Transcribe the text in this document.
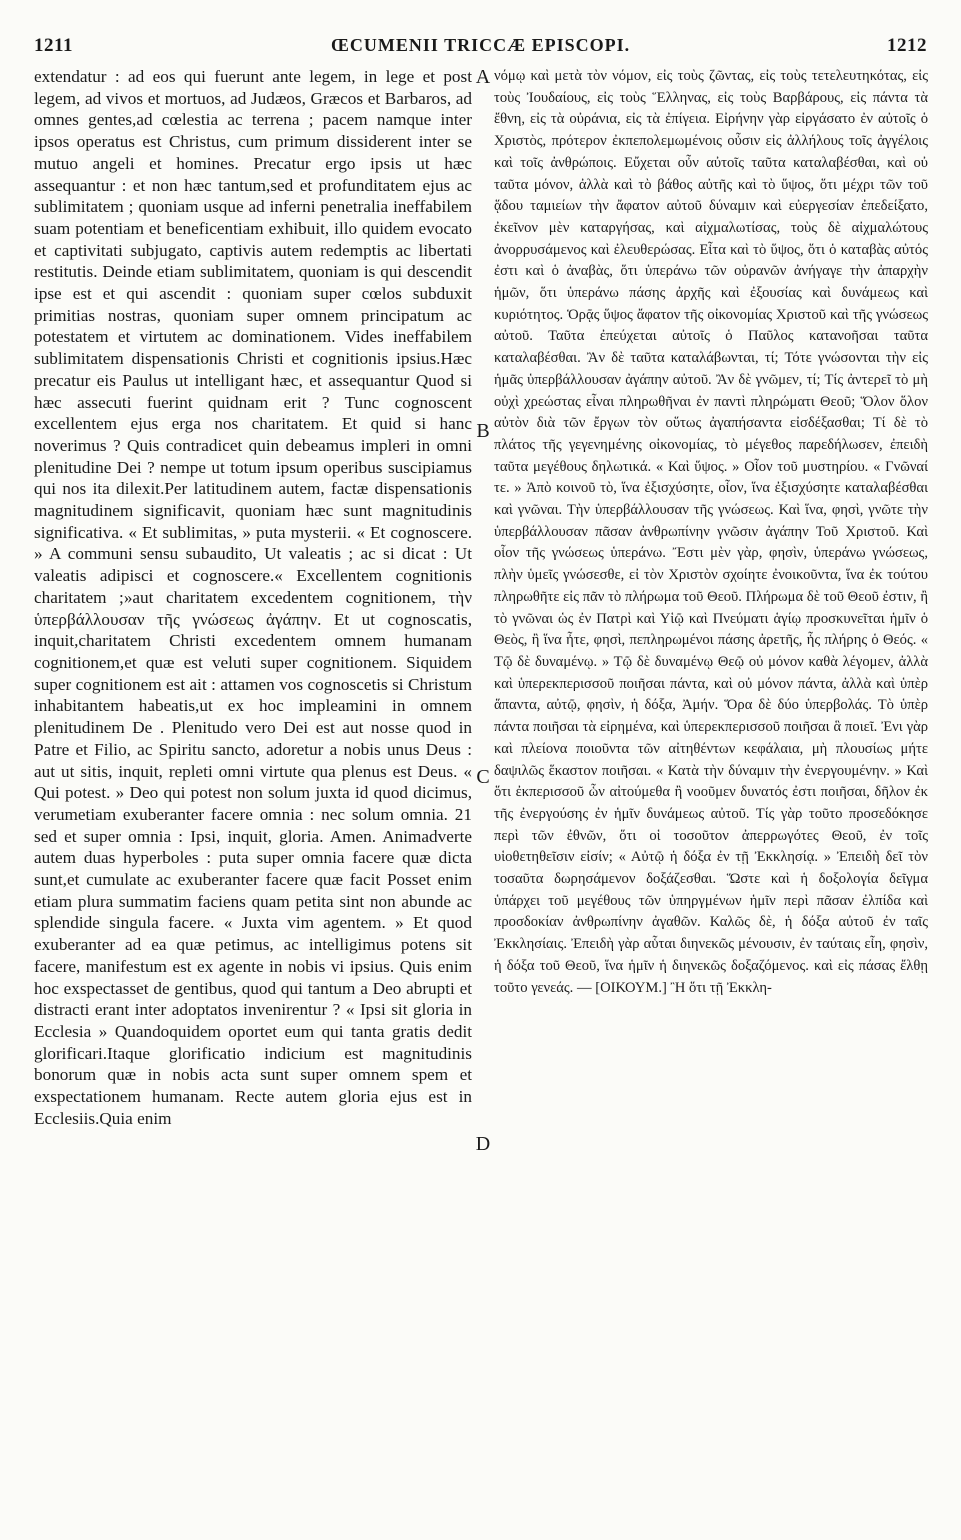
1211	ŒCUMENII TRICCÆ EPISCOPI.	1212

extendatur : ad eos qui fuerunt ante legem, in lege et post legem, ad vivos et mortuos, ad Judæos, Græcos et Barbaros, ad omnes gentes,ad cœlestia ac terrena ; pacem namque inter ipsos operatus est Christus, cum primum dissiderent inter se mutuo angeli et homines. Precatur ergo ipsis ut hæc assequantur : et non hæc tantum,sed et profunditatem ejus ac sublimitatem ; quoniam usque ad inferni penetralia ineffabilem suam potentiam et beneficentiam exhibuit, illo quidem evocato et captivitati subjugato, captivis autem redemptis ac libertati restitutis. Deinde etiam sublimitatem, quoniam is qui descendit ipse est et qui ascendit : quoniam super cœlos subduxit primitias nostras, quoniam super omnem principatum ac potestatem et virtutem ac dominationem. Vides ineffabilem sublimitatem dispensationis Christi et cognitionis ipsius.Hæc precatur eis Paulus ut intelligant hæc, et assequantur Quod si hæc assecuti fuerint quidnam erit ? Tunc cognoscent excellentem ejus erga nos charitatem. Et quid si hanc noverimus ? Quis contradicet quin debeamus impleri in omni plenitudine Dei ? nempe ut totum ipsum operibus suscipiamus qui nos ita dilexit.Per latitudinem autem, factæ dispensationis magnitudinem significavit, quoniam hæc sunt magnitudinis significativa. « Et sublimitas, » puta mysterii. « Et cognoscere. » A communi sensu subaudito, Ut valeatis ; ac si dicat : Ut valeatis adipisci et cognoscere.« Excellentem cognitionis charitatem ;»aut charitatem excedentem cognitionem, τὴν ὑπερβάλλουσαν τῆς γνώσεως ἀγάπην. Et ut cognoscatis, inquit,charitatem Christi excedentem omnem humanam cognitionem,et quæ est veluti super cognitionem. Siquidem super cognitionem est ait : attamen vos cognoscetis si Christum inhabitantem habeatis,ut ex hoc impleamini in omnem plenitudinem De . Plenitudo vero Dei est aut nosse quod in Patre et Filio, ac Spiritu sancto, adoretur a nobis unus Deus : aut ut sitis, inquit, repleti omni virtute qua plenus est Deus. « Qui potest. » Deo qui potest non solum juxta id quod dicimus, verumetiam exuberanter facere omnia : nec solum omnia. 21 sed et super omnia : Ipsi, inquit, gloria. Amen. Animadverte autem duas hyperboles : puta super omnia facere quæ dicta sunt,et cumulate ac exuberanter facere quæ facit Posset enim etiam plura summatim faciens quam petita sint non abunde ac splendide singula facere. « Juxta vim agentem. » Et quod exuberanter ad ea quæ petimus, ac intelligimus potens sit facere, manifestum est ex agente in nobis vi ipsius. Quis enim hoc exspectasset de gentibus, quod qui tantum a Deo abrupti et distracti erant inter adoptatos invenirentur ? « Ipsi sit gloria in Ecclesia » Quandoquidem oportet eum qui tanta gratis dedit glorificari.Itaque glorificatio indicium est magnitudinis bonorum quæ in nobis acta sunt super omnem spem et exspectationem humanam. Recte autem gloria ejus est in Ecclesiis.Quia enim

A
B
C
D

νόμῳ καὶ μετὰ τὸν νόμον, εἰς τοὺς ζῶντας, εἰς τοὺς τετελευτηκότας, εἰς τοὺς Ἰουδαίους, εἰς τοὺς Ἕλληνας, εἰς τοὺς Βαρβάρους, εἰς πάντα τὰ ἔθνη, εἰς τὰ οὐράνια, εἰς τὰ ἐπίγεια. Εἰρήνην γὰρ εἰργάσατο ἐν αὐτοῖς ὁ Χριστὸς, πρότερον ἐκπεπολεμωμένοις οὖσιν εἰς ἀλλήλους τοῖς ἀγγέλοις καὶ τοῖς ἀνθρώποις. Εὔχεται οὖν αὐτοῖς ταῦτα καταλαβέσθαι, καὶ οὐ ταῦτα μόνον, ἀλλὰ καὶ τὸ βάθος αὐτῆς καὶ τὸ ὕψος, ὅτι μέχρι τῶν τοῦ ᾅδου ταμιείων τὴν ἄφατον αὐτοῦ δύναμιν καὶ εὐεργεσίαν ἐπεδείξατο, ἐκεῖνον μὲν καταργήσας, καὶ αἰχμαλωτίσας, τοὺς δὲ αἰχμαλώτους ἀνορρυσάμενος καὶ ἐλευθερώσας. Εἶτα καὶ τὸ ὕψος, ὅτι ὁ καταβὰς αὐτός ἐστι καὶ ὁ ἀναβὰς, ὅτι ὑπεράνω τῶν οὐρανῶν ἀνήγαγε τὴν ἀπαρχὴν ἡμῶν, ὅτι ὑπεράνω πάσης ἀρχῆς καὶ ἐξουσίας καὶ δυνάμεως καὶ κυριότητος. Ὁρᾷς ὕψος ἄφατον τῆς οἰκονομίας Χριστοῦ καὶ τῆς γνώσεως αὐτοῦ. Ταῦτα ἐπεύχεται αὐτοῖς ὁ Παῦλος κατανοῆσαι ταῦτα καταλαβέσθαι. Ἂν δὲ ταῦτα καταλάβωνται, τί; Τότε γνώσονται τὴν εἰς ἡμᾶς ὑπερβάλλουσαν ἀγάπην αὐτοῦ. Ἂν δὲ γνῶμεν, τί; Τίς ἀντερεῖ τὸ μὴ οὐχὶ χρεώστας εἶναι πληρωθῆναι ἐν παντὶ πληρώματι Θεοῦ; Ὅλον ὅλον αὐτὸν διὰ τῶν ἔργων τὸν οὕτως ἀγαπήσαντα εἰσδέξασθαι; Τί δὲ τὸ πλάτος τῆς γεγενημένης οἰκονομίας, τὸ μέγεθος παρεδήλωσεν, ἐπειδὴ ταῦτα μεγέθους δηλωτικά. « Καὶ ὕψος. » Οἷον τοῦ μυστηρίου. « Γνῶναί τε. » Ἀπὸ κοινοῦ τὸ, ἵνα ἐξισχύσητε, οἷον, ἵνα ἐξισχύσητε καταλαβέσθαι καὶ γνῶναι. Τὴν ὑπερβάλλουσαν τῆς γνώσεως. Καὶ ἵνα, φησὶ, γνῶτε τὴν ὑπερβάλλουσαν πᾶσαν ἀνθρωπίνην γνῶσιν ἀγάπην Τοῦ Χριστοῦ. Καὶ οἷον τῆς γνώσεως ὑπεράνω. Ἔστι μὲν γὰρ, φησὶν, ὑπεράνω γνώσεως, πλὴν ὑμεῖς γνώσεσθε, εἰ τὸν Χριστὸν σχοίητε ἐνοικοῦντα, ἵνα ἐκ τούτου πληρωθῆτε εἰς πᾶν τὸ πλήρωμα τοῦ Θεοῦ. Πλήρωμα δὲ τοῦ Θεοῦ ἐστιν, ἢ τὸ γνῶναι ὡς ἐν Πατρὶ καὶ Υἱῷ καὶ Πνεύματι ἁγίῳ προσκυνεῖται ἡμῖν ὁ Θεὸς, ἢ ἵνα ἦτε, φησὶ, πεπληρωμένοι πάσης ἀρετῆς, ἧς πλήρης ὁ Θεός. « Τῷ δὲ δυναμένῳ. » Τῷ δὲ δυναμένῳ Θεῷ οὐ μόνον καθὰ λέγομεν, ἀλλὰ καὶ ὑπερεκπερισσοῦ ποιῆσαι πάντα, καὶ οὐ μόνον πάντα, ἀλλὰ καὶ ὑπὲρ ἅπαντα, αὐτῷ, φησὶν, ἡ δόξα, Ἀμήν. Ὅρα δὲ δύο ὑπερβολάς. Τὸ ὑπὲρ πάντα ποιῆσαι τὰ εἰρημένα, καὶ ὑπερεκπερισσοῦ ποιῆσαι ἃ ποιεῖ. Ἐνι γὰρ καὶ πλείονα ποιοῦντα τῶν αἰτηθέντων κεφάλαια, μὴ πλουσίως μήτε δαψιλῶς ἕκαστον ποιῆσαι. « Κατὰ τὴν δύναμιν τὴν ἐνεργουμένην. » Καὶ ὅτι ἐκπερισσοῦ ὧν αἰτούμεθα ἢ νοοῦμεν δυνατός ἐστι ποιῆσαι, δῆλον ἐκ τῆς ἐνεργούσης ἐν ἡμῖν δυνάμεως αὐτοῦ. Τίς γὰρ τοῦτο προσεδόκησε περὶ τῶν ἐθνῶν, ὅτι οἱ τοσοῦτον ἀπερρωγότες Θεοῦ, ἐν τοῖς υἱοθετηθεῖσιν εἰσίν; « Αὐτῷ ἡ δόξα ἐν τῇ Ἐκκλησίᾳ. » Ἐπειδὴ δεῖ τὸν τοσαῦτα δωρησάμενον δοξάζεσθαι. Ὥστε καὶ ἡ δοξολογία δεῖγμα ὑπάρχει τοῦ μεγέθους τῶν ὑπηργμένων ἡμῖν περὶ πᾶσαν ἐλπίδα καὶ προσδοκίαν ἀνθρωπίνην ἀγαθῶν. Καλῶς δὲ, ἡ δόξα αὐτοῦ ἐν ταῖς Ἐκκλησίαις. Ἐπειδὴ γὰρ αὗται διηνεκῶς μένουσιν, ἐν ταύταις εἶη, φησὶν, ἡ δόξα τοῦ Θεοῦ, ἵνα ἡμῖν ἡ διηνεκῶς δοξαζόμενος. καὶ εἰς πάσας ἔλθῃ τοῦτο γενεάς. — [ΟΙΚΟΥΜ.] Ἢ ὅτι τῇ Ἐκκλη-
